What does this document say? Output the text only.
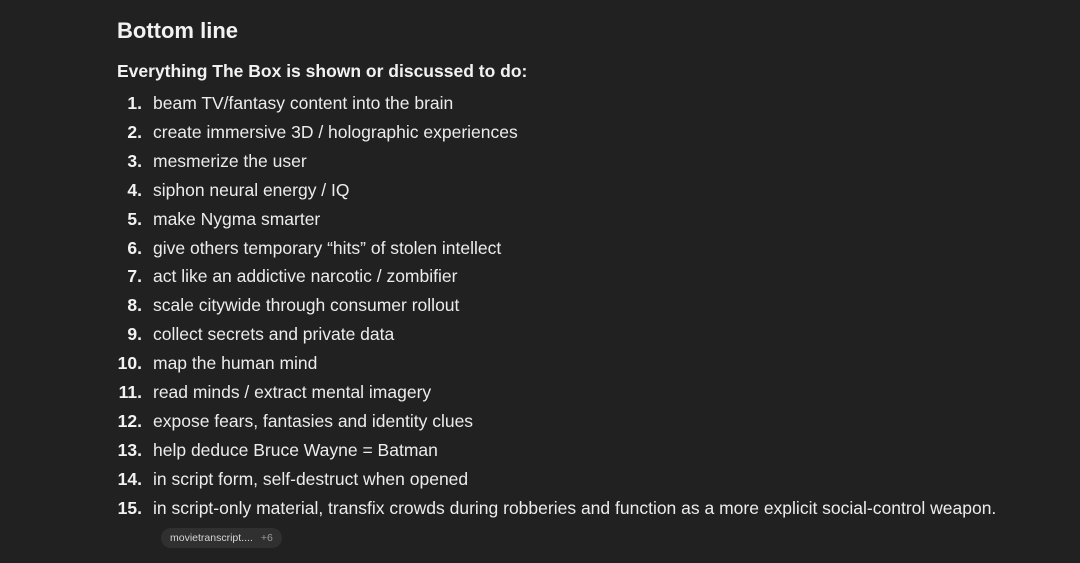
Bottom line

Everything The Box is shown or discussed to do:

1. beam TV/fantasy content into the brain
2. create immersive 3D / holographic experiences
3. mesmerize the user
4. siphon neural energy / IQ
5. make Nygma smarter
6. give others temporary “hits” of stolen intellect
7. act like an addictive narcotic / zombifier
8. scale citywide through consumer rollout
9. collect secrets and private data
10. map the human mind
11. read minds / extract mental imagery
12. expose fears, fantasies and identity clues
13. help deduce Bruce Wayne = Batman
14. in script form, self-destruct when opened
15. in script-only material, transfix crowds during robberies and function as a more explicit social-control weapon.
movietranscript.... +6
